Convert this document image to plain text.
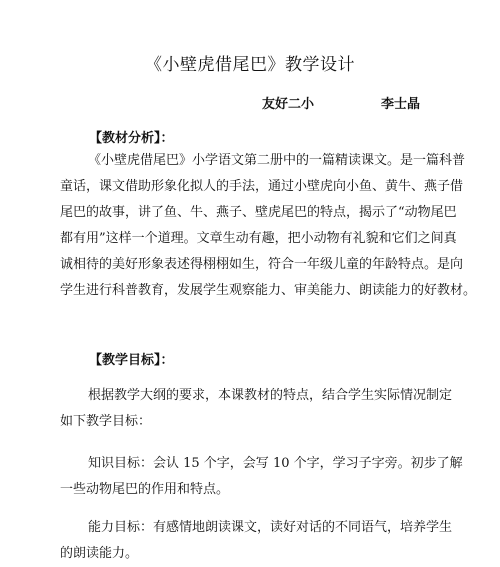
《小壁虎借尾巴》教学设计
友好二小	李士晶
【教材分析】：
《小壁虎借尾巴》小学语文第二册中的一篇精读课文。是一篇科普
童话，课文借助形象化拟人的手法，通过小壁虎向小鱼、黄牛、燕子借
尾巴的故事，讲了鱼、牛、燕子、壁虎尾巴的特点，揭示了“动物尾巴
都有用”这样一个道理。文章生动有趣，把小动物有礼貌和它们之间真
诚相待的美好形象表述得栩栩如生，符合一年级儿童的年龄特点。是向
学生进行科普教育，发展学生观察能力、审美能力、朗读能力的好教材。
【教学目标】：
根据教学大纲的要求，本课教材的特点，结合学生实际情况制定
如下教学目标：
知识目标：会认 15 个字，会写 10 个字，学习子字旁。初步了解
一些动物尾巴的作用和特点。
能力目标：有感情地朗读课文，读好对话的不同语气，培养学生
的朗读能力。
